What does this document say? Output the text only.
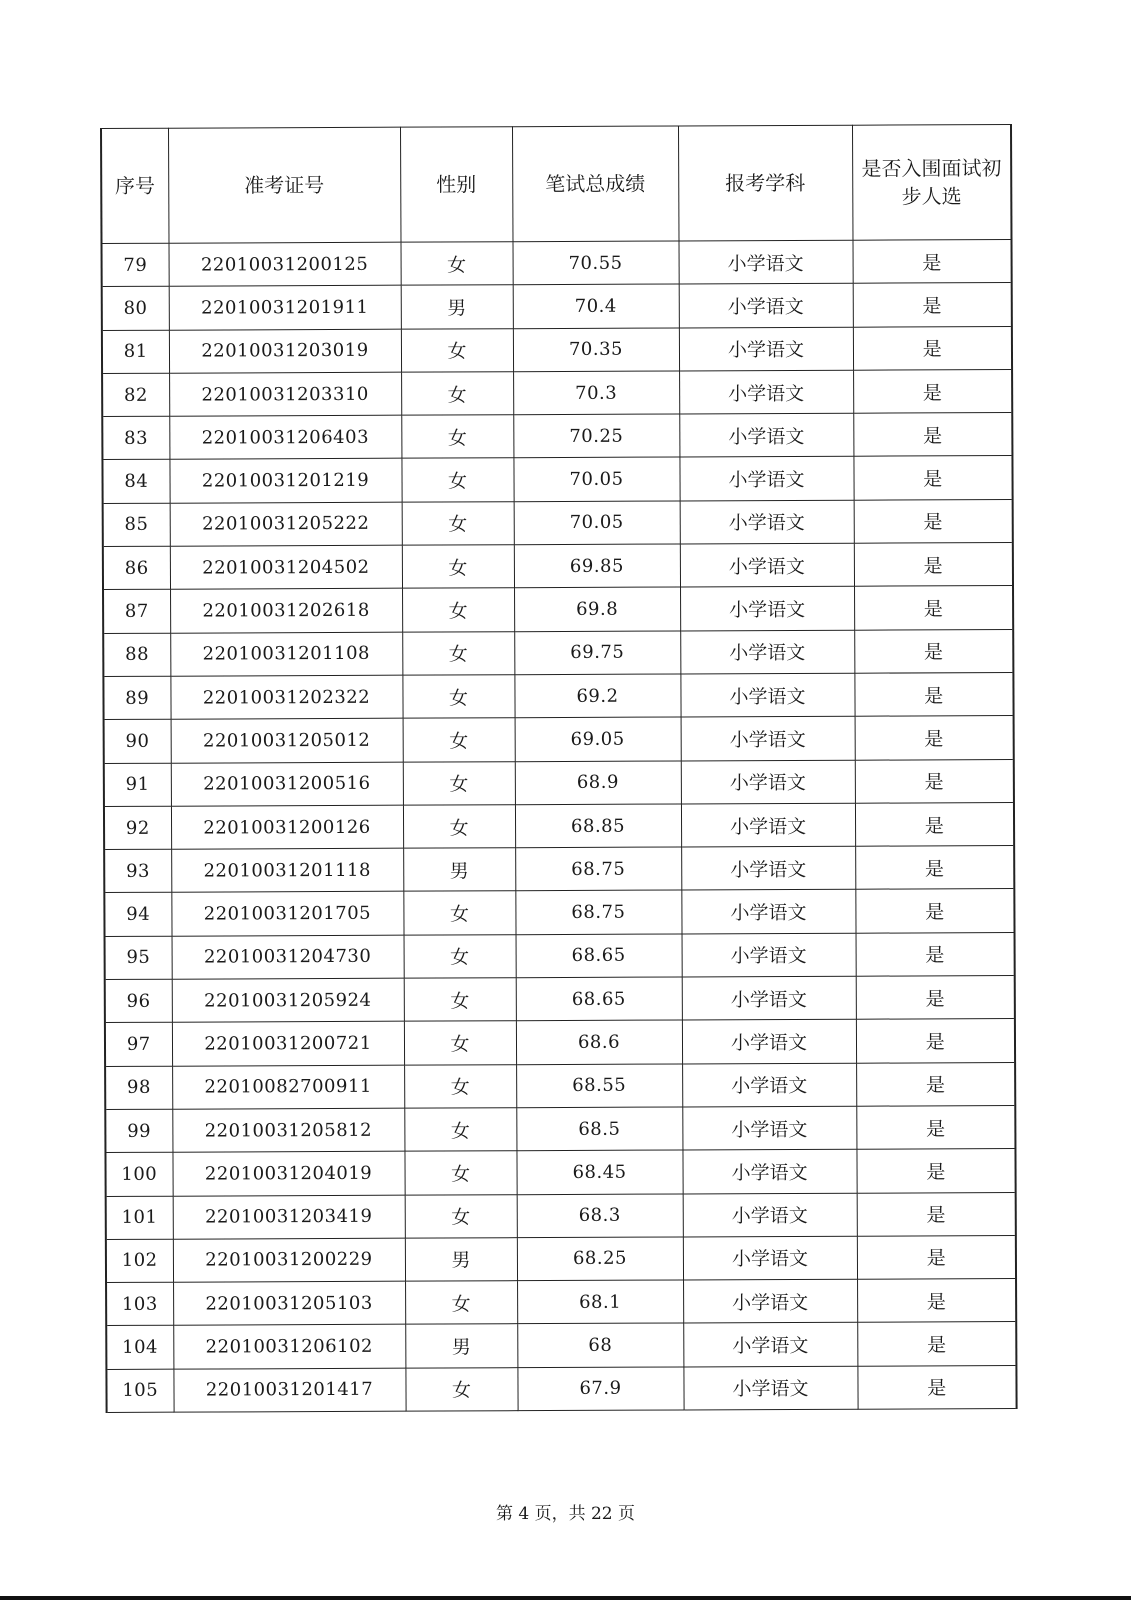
序号	准考证号	性别	笔试总成绩	报考学科	是否入围面试初步人选
79	22010031200125	女	70.55	小学语文	是
80	22010031201911	男	70.4	小学语文	是
81	22010031203019	女	70.35	小学语文	是
82	22010031203310	女	70.3	小学语文	是
83	22010031206403	女	70.25	小学语文	是
84	22010031201219	女	70.05	小学语文	是
85	22010031205222	女	70.05	小学语文	是
86	22010031204502	女	69.85	小学语文	是
87	22010031202618	女	69.8	小学语文	是
88	22010031201108	女	69.75	小学语文	是
89	22010031202322	女	69.2	小学语文	是
90	22010031205012	女	69.05	小学语文	是
91	22010031200516	女	68.9	小学语文	是
92	22010031200126	女	68.85	小学语文	是
93	22010031201118	男	68.75	小学语文	是
94	22010031201705	女	68.75	小学语文	是
95	22010031204730	女	68.65	小学语文	是
96	22010031205924	女	68.65	小学语文	是
97	22010031200721	女	68.6	小学语文	是
98	22010082700911	女	68.55	小学语文	是
99	22010031205812	女	68.5	小学语文	是
100	22010031204019	女	68.45	小学语文	是
101	22010031203419	女	68.3	小学语文	是
102	22010031200229	男	68.25	小学语文	是
103	22010031205103	女	68.1	小学语文	是
104	22010031206102	男	68	小学语文	是
105	22010031201417	女	67.9	小学语文	是
第 4 页，共 22 页
